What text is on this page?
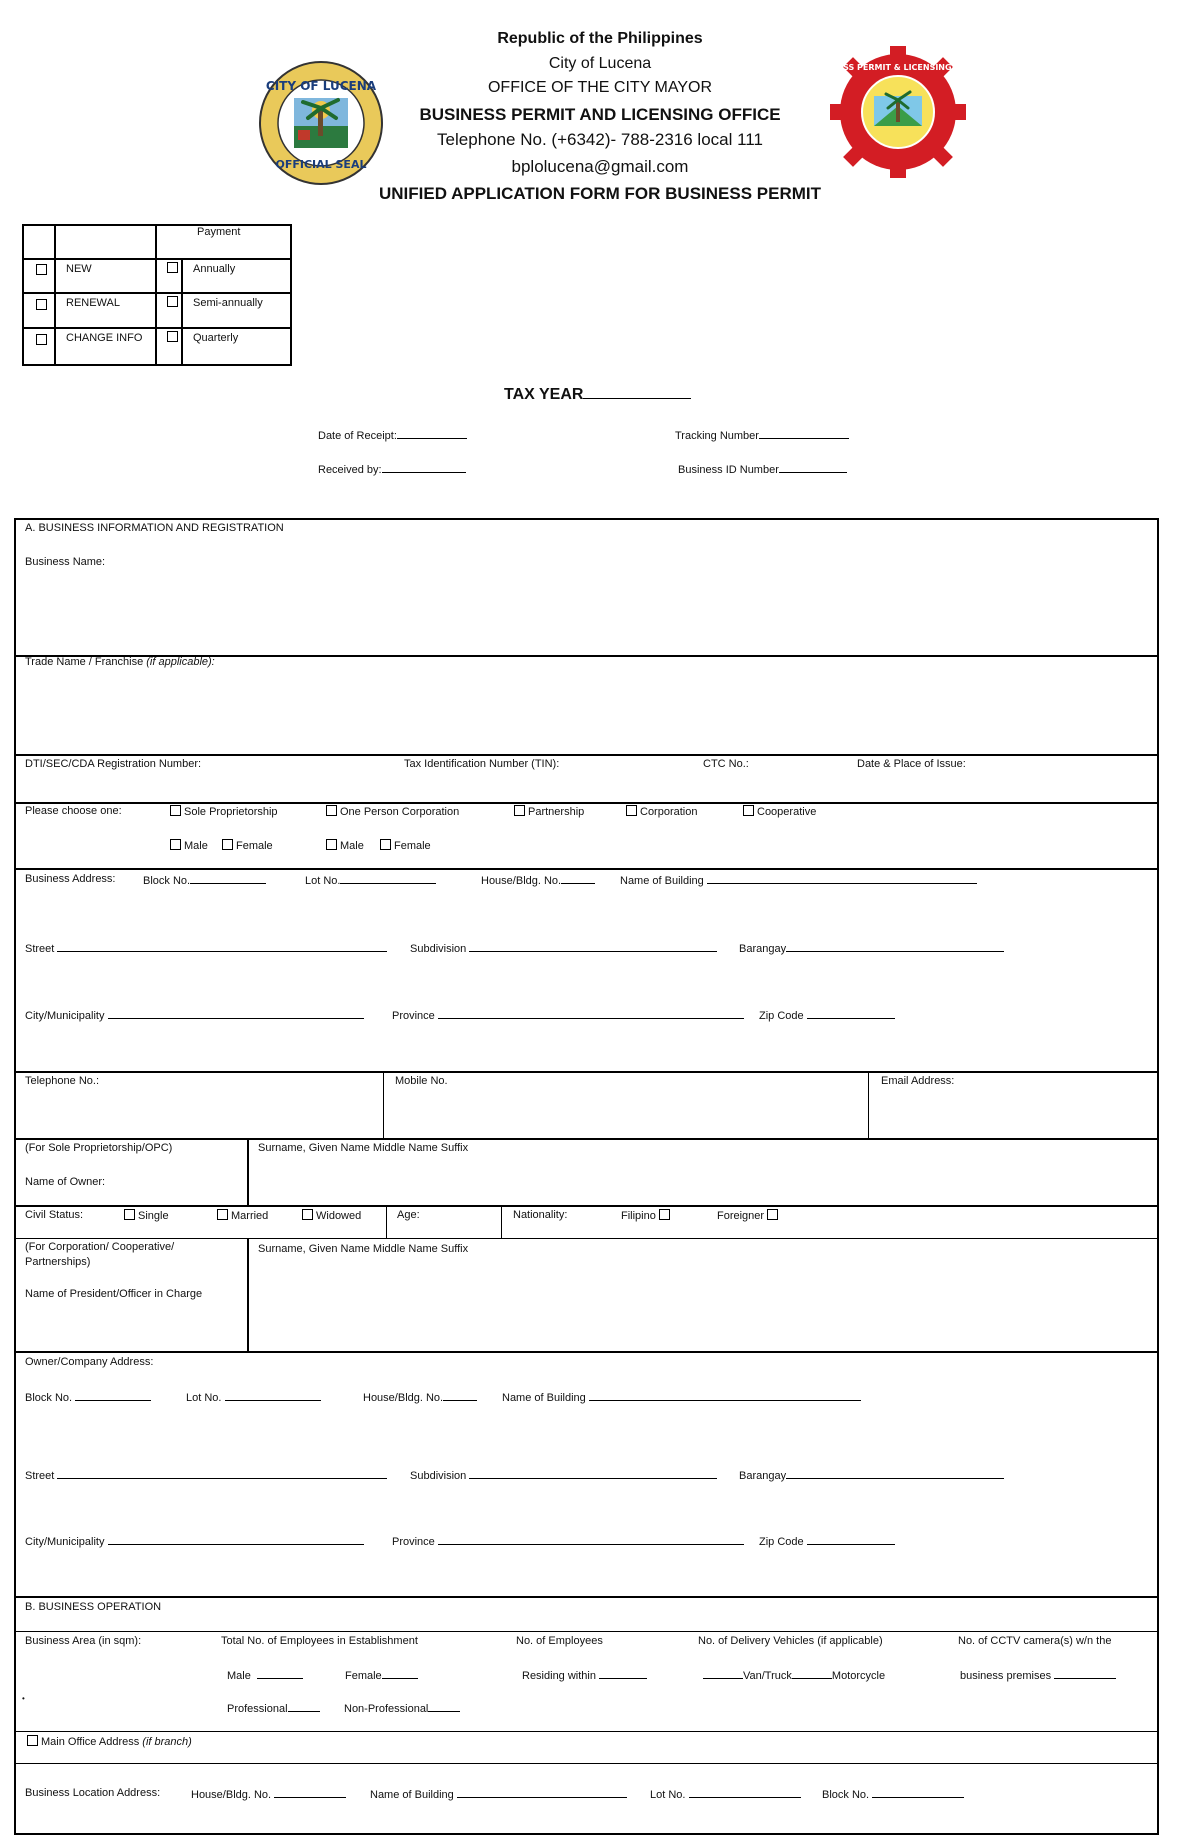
CITY OF LUCENA
OFFICIAL SEAL
Republic of the Philippines
City of Lucena
OFFICE OF THE CITY MAYOR
BUSINESS PERMIT AND LICENSING OFFICE
Telephone No. (+6342)- 788-2316 local 111
bplolucena@gmail.com
UNIFIED APPLICATION FORM FOR BUSINESS PERMIT
BUSINESS PERMIT & LICENSING OFFICE
Payment
NEW	Annually
RENEWAL	Semi-annually
CHANGE INFO	Quarterly
TAX YEAR
Date of Receipt:	Tracking Number
Received by:	Business ID Number
A. BUSINESS INFORMATION AND REGISTRATION
Business Name:
Trade Name / Franchise (if applicable):
DTI/SEC/CDA Registration Number:	Tax Identification Number (TIN):	CTC No.:	Date & Place of Issue:
Please choose one:	Sole Proprietorship	One Person Corporation	Partnership	Corporation	Cooperative
Male	Female	Male	Female
Business Address:	Block No.	Lot No.	House/Bldg. No.	Name of Building
Street	Subdivision	Barangay
City/Municipality	Province	Zip Code
Telephone No.:	Mobile No.	Email Address:
(For Sole Proprietorship/OPC)
Name of Owner:
Surname, Given Name Middle Name Suffix
Civil Status:	Single	Married	Widowed	Age:	Nationality:	Filipino	Foreigner
(For Corporation/ Cooperative/ Partnerships)
Name of President/Officer in Charge
Surname, Given Name Middle Name Suffix
Owner/Company Address:
Block No.	Lot No.	House/Bldg. No.	Name of Building
Street	Subdivision	Barangay
City/Municipality	Province	Zip Code
B. BUSINESS OPERATION
Business Area (in sqm):	Total No. of Employees in Establishment	No. of Employees	No. of Delivery Vehicles (if applicable)	No. of CCTV camera(s) w/n the
Male	Female	Residing within	Van/Truck	Motorcycle	business premises
•
Professional	Non-Professional
Main Office Address (if branch)
Business Location Address:	House/Bldg. No.	Name of Building	Lot No.	Block No.
